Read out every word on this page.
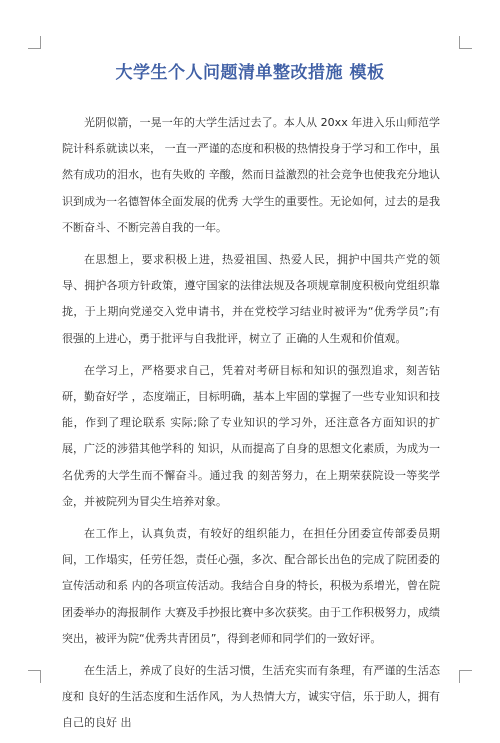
大学生个人问题清单整改措施 模板

光阴似箭，一晃一年的大学生活过去了。本人从 20xx 年进入乐山师范学院计科系就读以来， 一直一严谨的态度和积极的热情投身于学习和工作中，虽然有成功的泪水，也有失败的 辛酸，然而日益激烈的社会竞争也使我充分地认识到成为一名德智体全面发展的优秀 大学生的重要性。无论如何，过去的是我不断奋斗、不断完善自我的一年。

在思想上，要求积极上进，热爱祖国、热爱人民，拥护中国共产党的领导、拥护各项方针政策，遵守国家的法律法规及各项规章制度积极向党组织靠拢，于上期向党递交入党申请书，并在党校学习结业时被评为“优秀学员”;有很强的上进心，勇于批评与自我批评，树立了 正确的人生观和价值观。

在学习上，严格要求自己，凭着对考研目标和知识的强烈追求，刻苦钻研，勤奋好学 ，态度端正，目标明确，基本上牢固的掌握了一些专业知识和技能，作到了理论联系 实际;除了专业知识的学习外，还注意各方面知识的扩展，广泛的涉猎其他学科的 知识，从而提高了自身的思想文化素质，为成为一名优秀的大学生而不懈奋斗。通过我 的刻苦努力，在上期荣获院设一等奖学金，并被院列为冒尖生培养对象。

在工作上，认真负责，有较好的组织能力，在担任分团委宣传部委员期间，工作塌实，任劳任怨，责任心强，多次、配合部长出色的完成了院团委的宣传活动和系 内的各项宣传活动。我结合自身的特长，积极为系增光，曾在院团委举办的海报制作 大赛及手抄报比赛中多次获奖。由于工作积极努力，成绩突出，被评为院“优秀共青团员”，得到老师和同学们的一致好评。

在生活上，养成了良好的生活习惯，生活充实而有条理，有严谨的生活态度和 良好的生活态度和生活作风，为人热情大方，诚实守信，乐于助人，拥有自己的良好 出
